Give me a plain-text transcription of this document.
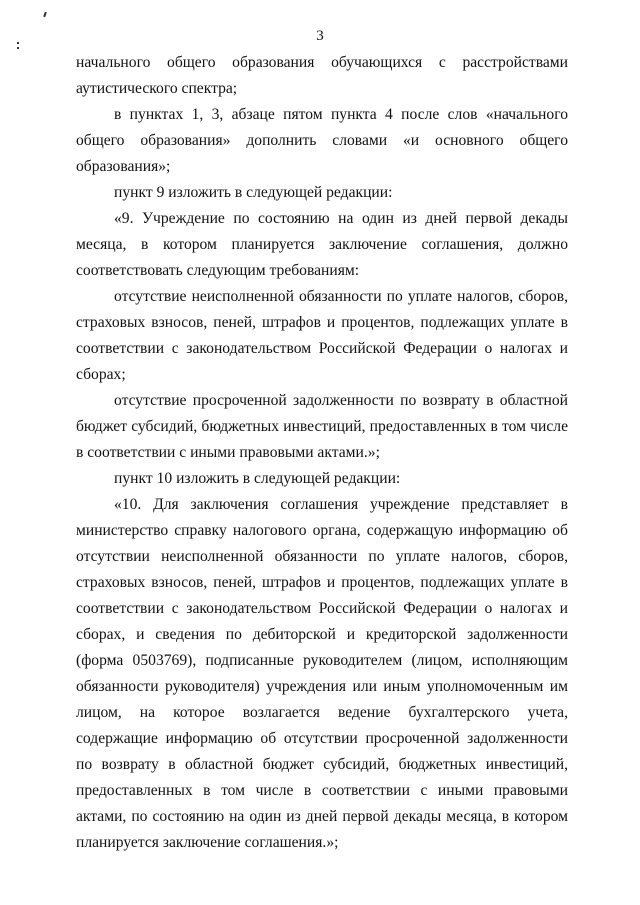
3

начального общего образования обучающихся с расстройствами аутистического спектра;

в пунктах 1, 3, абзаце пятом пункта 4 после слов «начального общего образования» дополнить словами «и основного общего образования»;

пункт 9 изложить в следующей редакции:

«9. Учреждение по состоянию на один из дней первой декады месяца, в котором планируется заключение соглашения, должно соответствовать следующим требованиям:

отсутствие неисполненной обязанности по уплате налогов, сборов, страховых взносов, пеней, штрафов и процентов, подлежащих уплате в соответствии с законодательством Российской Федерации о налогах и сборах;

отсутствие просроченной задолженности по возврату в областной бюджет субсидий, бюджетных инвестиций, предоставленных в том числе в соответствии с иными правовыми актами.»;

пункт 10 изложить в следующей редакции:

«10. Для заключения соглашения учреждение представляет в министерство справку налогового органа, содержащую информацию об отсутствии неисполненной обязанности по уплате налогов, сборов, страховых взносов, пеней, штрафов и процентов, подлежащих уплате в соответствии с законодательством Российской Федерации о налогах и сборах, и сведения по дебиторской и кредиторской задолженности (форма 0503769), подписанные руководителем (лицом, исполняющим обязанности руководителя) учреждения или иным уполномоченным им лицом, на которое возлагается ведение бухгалтерского учета, содержащие информацию об отсутствии просроченной задолженности по возврату в областной бюджет субсидий, бюджетных инвестиций, предоставленных в том числе в соответствии с иными правовыми актами, по состоянию на один из дней первой декады месяца, в котором планируется заключение соглашения.»;
